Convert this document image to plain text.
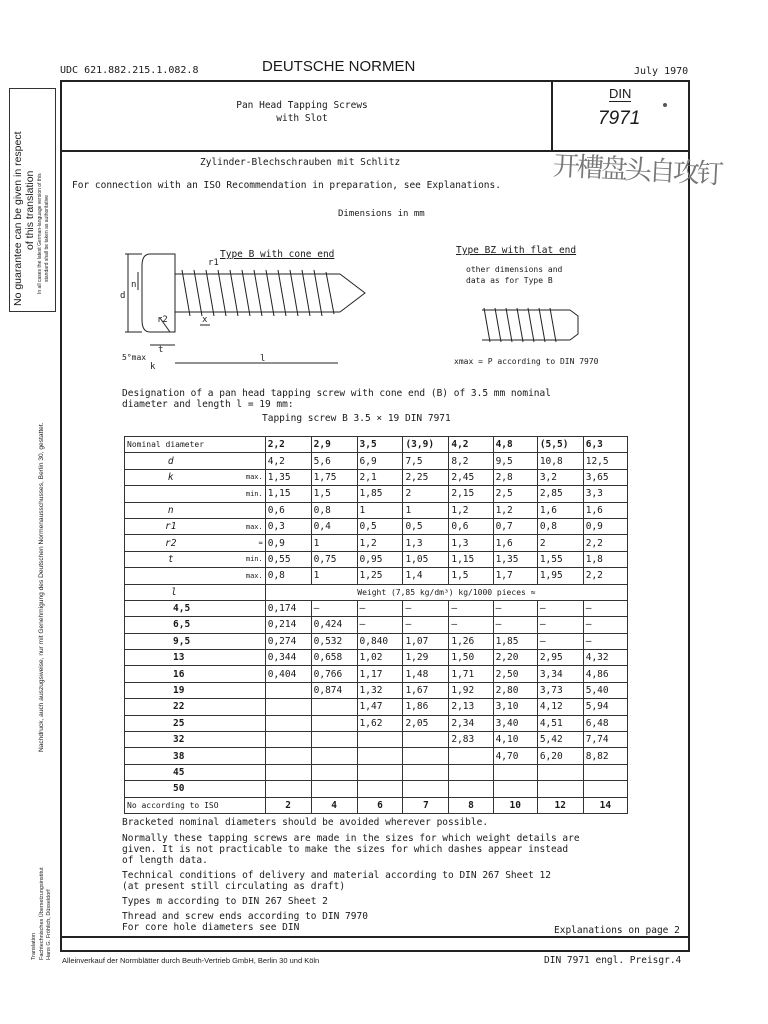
UDC 621.882.215.1.082.8	DEUTSCHE NORMEN	July 1970
No guarantee can be given in respect of this translation In all cases the latest German-language version of this standard shall be taken as authoritative
Nachdruck, auch auszugsweise, nur mit Genehmigung des Deutschen Normenausschusses, Berlin 30, gestattet.
Translation Fachtechnisches Übersetzungsinstitut Hans G. Fröhlich, Düsseldorf
Pan Head Tapping Screws
with Slot
DIN
7971
Zylinder-Blechschrauben mit Schlitz
For connection with an ISO Recommendation in preparation, see Explanations. 开槽盘头自攻钉
Dimensions in mm
d
n
r2
t
k
x
l
r1
5°max
Type B with cone end	Type BZ with flat end
other dimensions and
data as for Type B
xmax = P according to DIN 7970
Designation of a pan head tapping screw with cone end (B) of 3.5 mm nominal
diameter and length l = 19 mm:
Tapping screw B 3.5 × 19 DIN 7971
Nominal diameter		2,2	2,9	3,5	(3,9)	4,2	4,8	(5,5)	6,3
d		4,2	5,6	6,9	7,5	8,2	9,5	10,8	12,5
k	max.	1,35	1,75	2,1	2,25	2,45	2,8	3,2	3,65
	min.	1,15	1,5	1,85	2	2,15	2,5	2,85	3,3
n		0,6	0,8	1	1	1,2	1,2	1,6	1,6
r1	max.	0,3	0,4	0,5	0,5	0,6	0,7	0,8	0,9
r2	≈	0,9	1	1,2	1,3	1,3	1,6	2	2,2
t	min.	0,55	0,75	0,95	1,05	1,15	1,35	1,55	1,8
	max.	0,8	1	1,25	1,4	1,5	1,7	1,95	2,2
l		Weight (7,85 kg/dm³) kg/1000 pieces ≈							
4,5		0,174	—	—	—	—	—	—	—
6,5		0,214	0,424	—	—	—	—	—	—
9,5		0,274	0,532	0,840	1,07	1,26	1,85	—	—
13		0,344	0,658	1,02	1,29	1,50	2,20	2,95	4,32
16		0,404	0,766	1,17	1,48	1,71	2,50	3,34	4,86
19			0,874	1,32	1,67	1,92	2,80	3,73	5,40
22				1,47	1,86	2,13	3,10	4,12	5,94
25				1,62	2,05	2,34	3,40	4,51	6,48
32						2,83	4,10	5,42	7,74
38							4,70	6,20	8,82
45									
50									
No according to ISO		2	4	6	7	8	10	12	14
Bracketed nominal diameters should be avoided wherever possible.
Normally these tapping screws are made in the sizes for which weight details are
given. It is not practicable to make the sizes for which dashes appear instead
of length data.
Technical conditions of delivery and material according to DIN 267 Sheet 12
(at present still circulating as draft)
Types m according to DIN 267 Sheet 2
Thread and screw ends according to DIN 7970
For core hole diameters see DIN	Explanations on page 2
Alleinverkauf der Normblätter durch Beuth-Vertrieb GmbH, Berlin 30 und Köln	DIN 7971 engl. Preisgr.4
